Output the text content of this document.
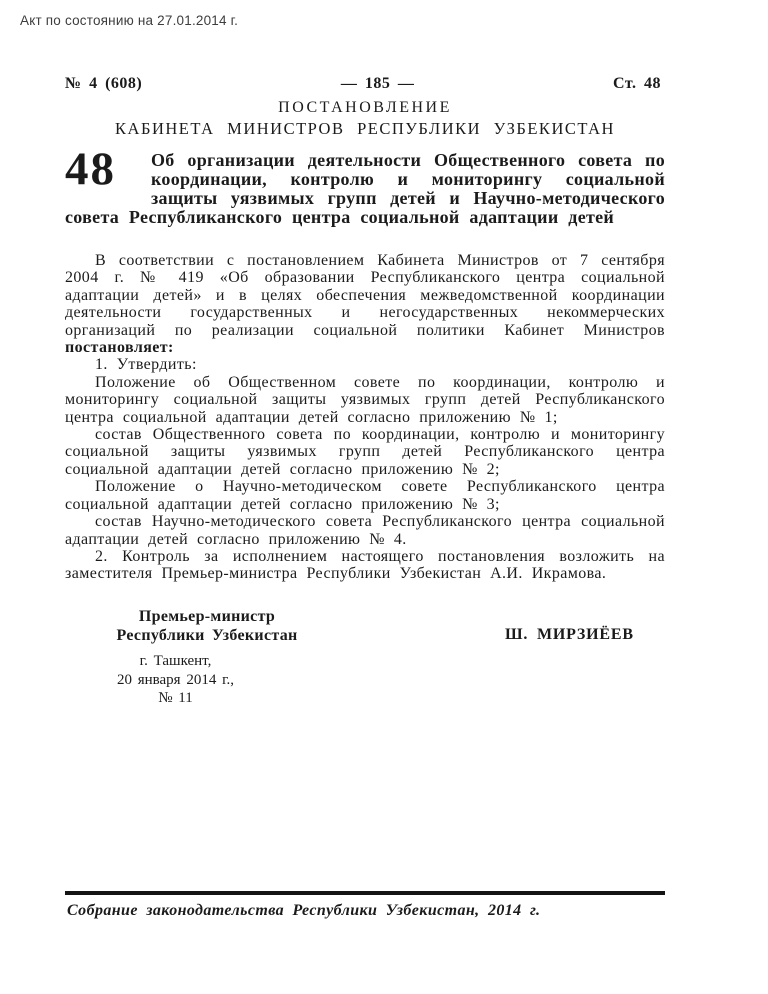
Акт по состоянию на 27.01.2014 г.
№ 4 (608)	— 185 —	Ст. 48
ПОСТАНОВЛЕНИЕ
КАБИНЕТА МИНИСТРОВ РЕСПУБЛИКИ УЗБЕКИСТАН
48	Об организации деятельности Общественного совета по координации, контролю и мониторингу социальной защиты уязвимых групп детей и Научно-методического совета Республиканского центра социальной адаптации детей

В соответствии с постановлением Кабинета Министров от 7 сентября 2004 г. № 419 «Об образовании Республиканского центра социальной адаптации детей» и в целях обеспечения межведомственной координации деятельности государственных и негосударственных некоммерческих организаций по реализации социальной политики Кабинет Министров постановляет:

1. Утвердить:

Положение об Общественном совете по координации, контролю и мониторингу социальной защиты уязвимых групп детей Республиканского центра социальной адаптации детей согласно приложению № 1;

состав Общественного совета по координации, контролю и мониторингу социальной защиты уязвимых групп детей Республиканского центра социальной адаптации детей согласно приложению № 2;

Положение о Научно-методическом совете Республиканского центра социальной адаптации детей согласно приложению № 3;

состав Научно-методического совета Республиканского центра социальной адаптации детей согласно приложению № 4.

2. Контроль за исполнением настоящего постановления возложить на заместителя Премьер-министра Республики Узбекистан А.И. Икрамова.

Премьер-министр
Республики Узбекистан	Ш. МИРЗИЁЕВ
г. Ташкент,
20 января 2014 г.,
№ 11
Собрание законодательства Республики Узбекистан, 2014 г.
